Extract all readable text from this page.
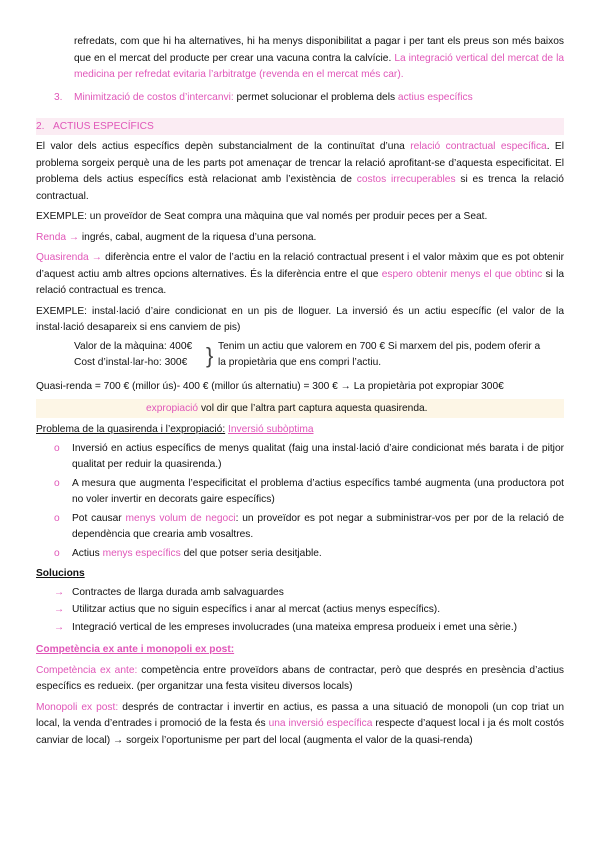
refredats, com que hi ha alternatives, hi ha menys disponibilitat a pagar i per tant els preus son més baixos que en el mercat del producte per crear una vacuna contra la calvície. La integració vertical del mercat de la medicina per refredat evitaria l’arbitratge (revenda en el mercat més car).

3. Minimització de costos d’intercanvi: permet solucionar el problema dels actius específics

2. ACTIUS ESPECÍFICS

El valor dels actius específics depèn substancialment de la continuïtat d’una relació contractual específica. El problema sorgeix perquè una de les parts pot amenaçar de trencar la relació aprofitant-se d’aquesta especificitat. El problema dels actius específics està relacionat amb l’existència de costos irrecuperables si es trenca la relació contractual.

EXEMPLE: un proveïdor de Seat compra una màquina que val només per produir peces per a Seat.

Renda → ingrés, cabal, augment de la riquesa d’una persona.

Quasirenda → diferència entre el valor de l’actiu en la relació contractual present i el valor màxim que es pot obtenir d’aquest actiu amb altres opcions alternatives. És la diferència entre el que espero obtenir menys el que obtinc si la relació contractual es trenca.

EXEMPLE: instal·lació d’aire condicionat en un pis de lloguer. La inversió és un actiu específic (el valor de la instal·lació desapareix si ens canviem de pis)

Valor de la màquina: 400€
Cost d’instal·lar-ho: 300€ } Tenim un actiu que valorem en 700 € Si marxem del pis, podem oferir a la propietària que ens compri l’actiu.

Quasi-renda = 700 € (millor ús)- 400 € (millor ús alternatiu) = 300 € → La propietària pot expropiar 300€

expropiació vol dir que l’altra part captura aquesta quasirenda.

Problema de la quasirenda i l’expropiació: Inversió subòptima

o Inversió en actius específics de menys qualitat (faig una instal·lació d’aire condicionat més barata i de pitjor qualitat per reduir la quasirenda.)
o A mesura que augmenta l’especificitat el problema d’actius específics també augmenta (una productora pot no voler invertir en decorats gaire específics)
o Pot causar menys volum de negoci: un proveïdor es pot negar a subministrar-vos per por de la relació de dependència que crearia amb vosaltres.
o Actius menys específics del que potser seria desitjable.

Solucions

→ Contractes de llarga durada amb salvaguardes
→ Utilitzar actius que no siguin específics i anar al mercat (actius menys específics).
→ Integració vertical de les empreses involucrades (una mateixa empresa produeix i emet una sèrie.)

Competència ex ante i monopoli ex post:

Competència ex ante: competència entre proveïdors abans de contractar, però que després en presència d’actius específics es redueix. (per organitzar una festa visiteu diversos locals)

Monopoli ex post: després de contractar i invertir en actius, es passa a una situació de monopoli (un cop triat un local, la venda d’entrades i promoció de la festa és una inversió específica respecte d’aquest local i ja és molt costós canviar de local) → sorgeix l’oportunisme per part del local (augmenta el valor de la quasi-renda)
